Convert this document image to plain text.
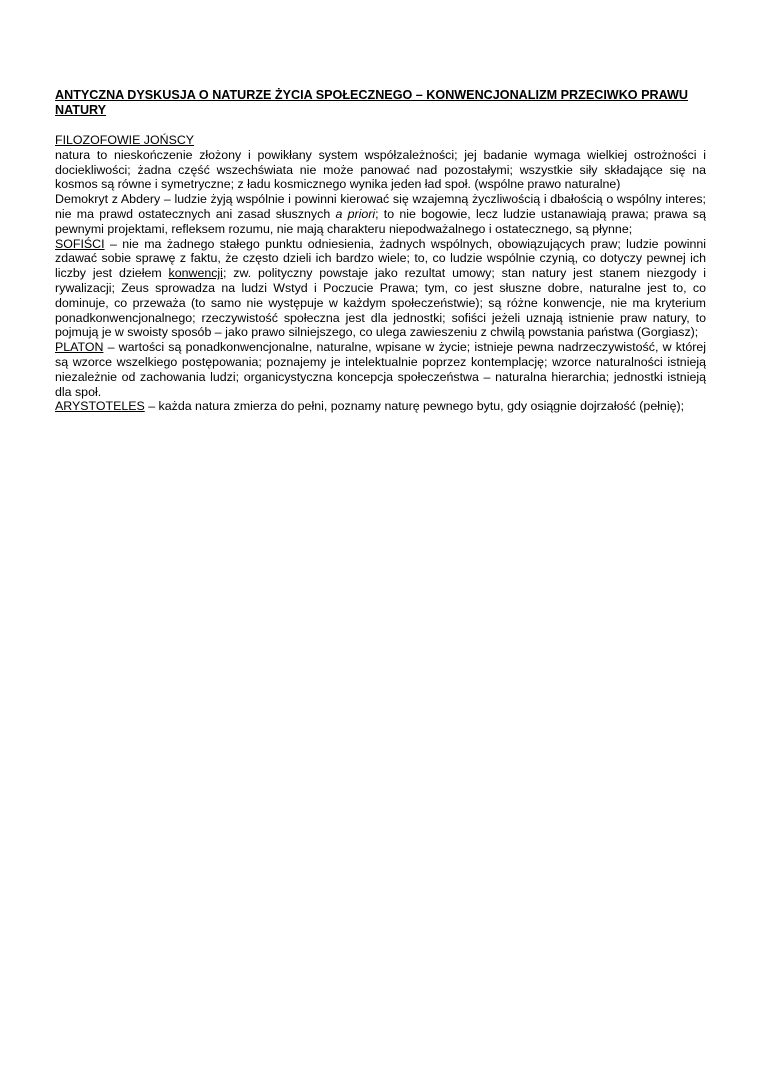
ANTYCZNA DYSKUSJA O NATURZE ŻYCIA SPOŁECZNEGO – KONWENCJONALIZM PRZECIWKO PRAWU NATURY

FILOZOFOWIE JOŃSCY
natura to nieskończenie złożony i powikłany system współzależności; jej badanie wymaga wielkiej ostrożności i dociekliwości; żadna część wszechświata nie może panować nad pozostałymi; wszystkie siły składające się na kosmos są równe i symetryczne; z ładu kosmicznego wynika jeden ład społ. (wspólne prawo naturalne)

Demokryt z Abdery – ludzie żyją wspólnie i powinni kierować się wzajemną życzliwością i dbałością o wspólny interes; nie ma prawd ostatecznych ani zasad słusznych a priori; to nie bogowie, lecz ludzie ustanawiają prawa; prawa są pewnymi projektami, refleksem rozumu, nie mają charakteru niepodważalnego i ostatecznego, są płynne;

SOFIŚCI – nie ma żadnego stałego punktu odniesienia, żadnych wspólnych, obowiązujących praw; ludzie powinni zdawać sobie sprawę z faktu, że często dzieli ich bardzo wiele; to, co ludzie wspólnie czynią, co dotyczy pewnej ich liczby jest dziełem konwencji; zw. polityczny powstaje jako rezultat umowy; stan natury jest stanem niezgody i rywalizacji; Zeus sprowadza na ludzi Wstyd i Poczucie Prawa; tym, co jest słuszne dobre, naturalne jest to, co dominuje, co przeważa (to samo nie występuje w każdym społeczeństwie); są różne konwencje, nie ma kryterium ponadkonwencjonalnego; rzeczywistość społeczna jest dla jednostki; sofiści jeżeli uznają istnienie praw natury, to pojmują je w swoisty sposób – jako prawo silniejszego, co ulega zawieszeniu z chwilą powstania państwa (Gorgiasz);

PLATON – wartości są ponadkonwencjonalne, naturalne, wpisane w życie; istnieje pewna nadrzeczywistość, w której są wzorce wszelkiego postępowania; poznajemy je intelektualnie poprzez kontemplację; wzorce naturalności istnieją niezależnie od zachowania ludzi; organicystyczna koncepcja społeczeństwa – naturalna hierarchia; jednostki istnieją dla społ.

ARYSTOTELES – każda natura zmierza do pełni, poznamy naturę pewnego bytu, gdy osiągnie dojrzałość (pełnię);
